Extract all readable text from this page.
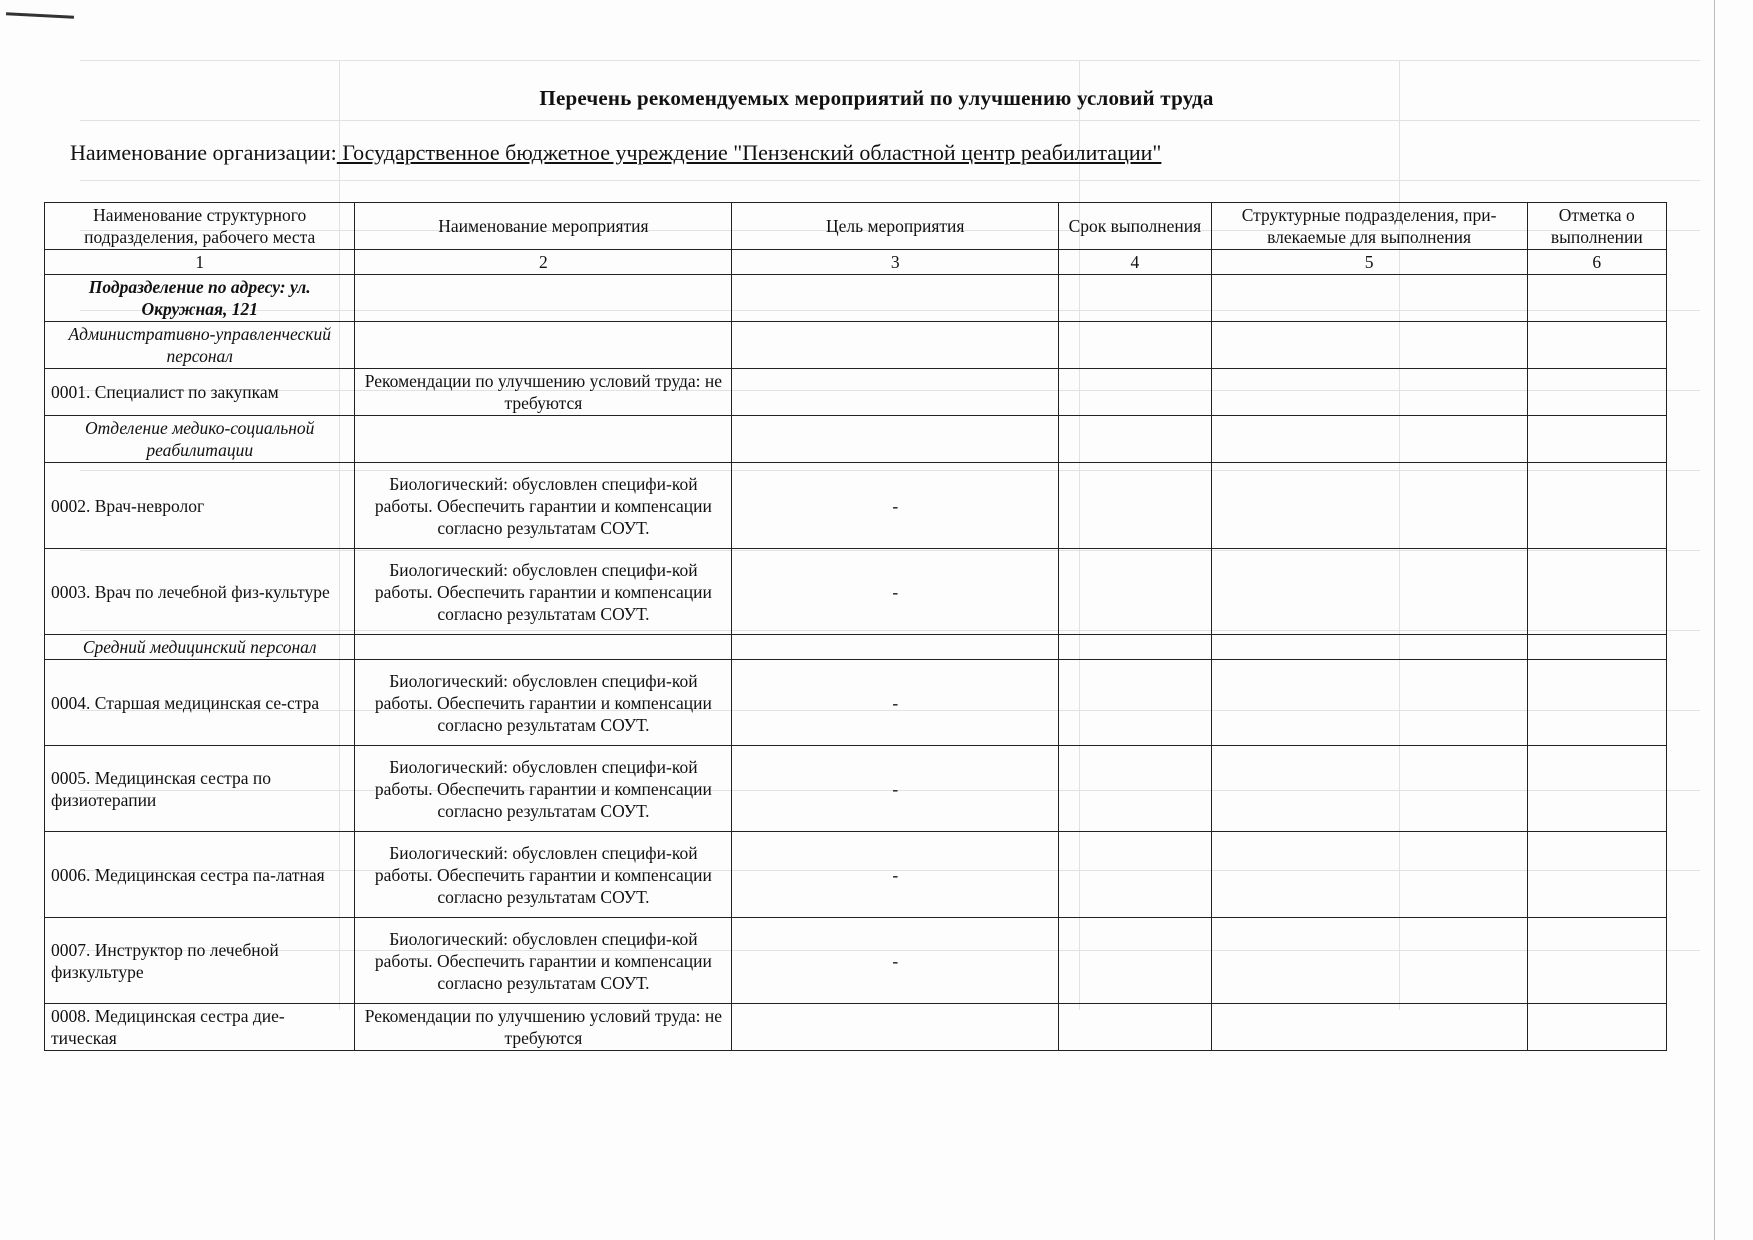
Перечень рекомендуемых мероприятий по улучшению условий труда
Наименование организации: Государственное бюджетное учреждение "Пензенский областной центр реабилитации"
Наименование структурного подразделения, рабочего места	Наименование мероприятия	Цель мероприятия	Срок выполнения	Структурные подразделения, при-влекаемые для выполнения	Отметка о выполнении
1	2	3	4	5	6
Подразделение по адресу: ул. Окружная, 121					
Административно-управленческий персонал					
0001. Специалист по закупкам	Рекомендации по улучшению условий труда: не требуются				
Отделение медико-социальной реабилитации					
0002. Врач-невролог	Биологический: обусловлен специфи-кой работы. Обеспечить гарантии и компенсации согласно результатам СОУТ.	-			
0003. Врач по лечебной физ-культуре	Биологический: обусловлен специфи-кой работы. Обеспечить гарантии и компенсации согласно результатам СОУТ.	-			
Средний медицинский персонал					
0004. Старшая медицинская се-стра	Биологический: обусловлен специфи-кой работы. Обеспечить гарантии и компенсации согласно результатам СОУТ.	-			
0005. Медицинская сестра по физиотерапии	Биологический: обусловлен специфи-кой работы. Обеспечить гарантии и компенсации согласно результатам СОУТ.	-			
0006. Медицинская сестра па-латная	Биологический: обусловлен специфи-кой работы. Обеспечить гарантии и компенсации согласно результатам СОУТ.	-			
0007. Инструктор по лечебной физкультуре	Биологический: обусловлен специфи-кой работы. Обеспечить гарантии и компенсации согласно результатам СОУТ.	-			
0008. Медицинская сестра дие-тическая	Рекомендации по улучшению условий труда: не требуются				
